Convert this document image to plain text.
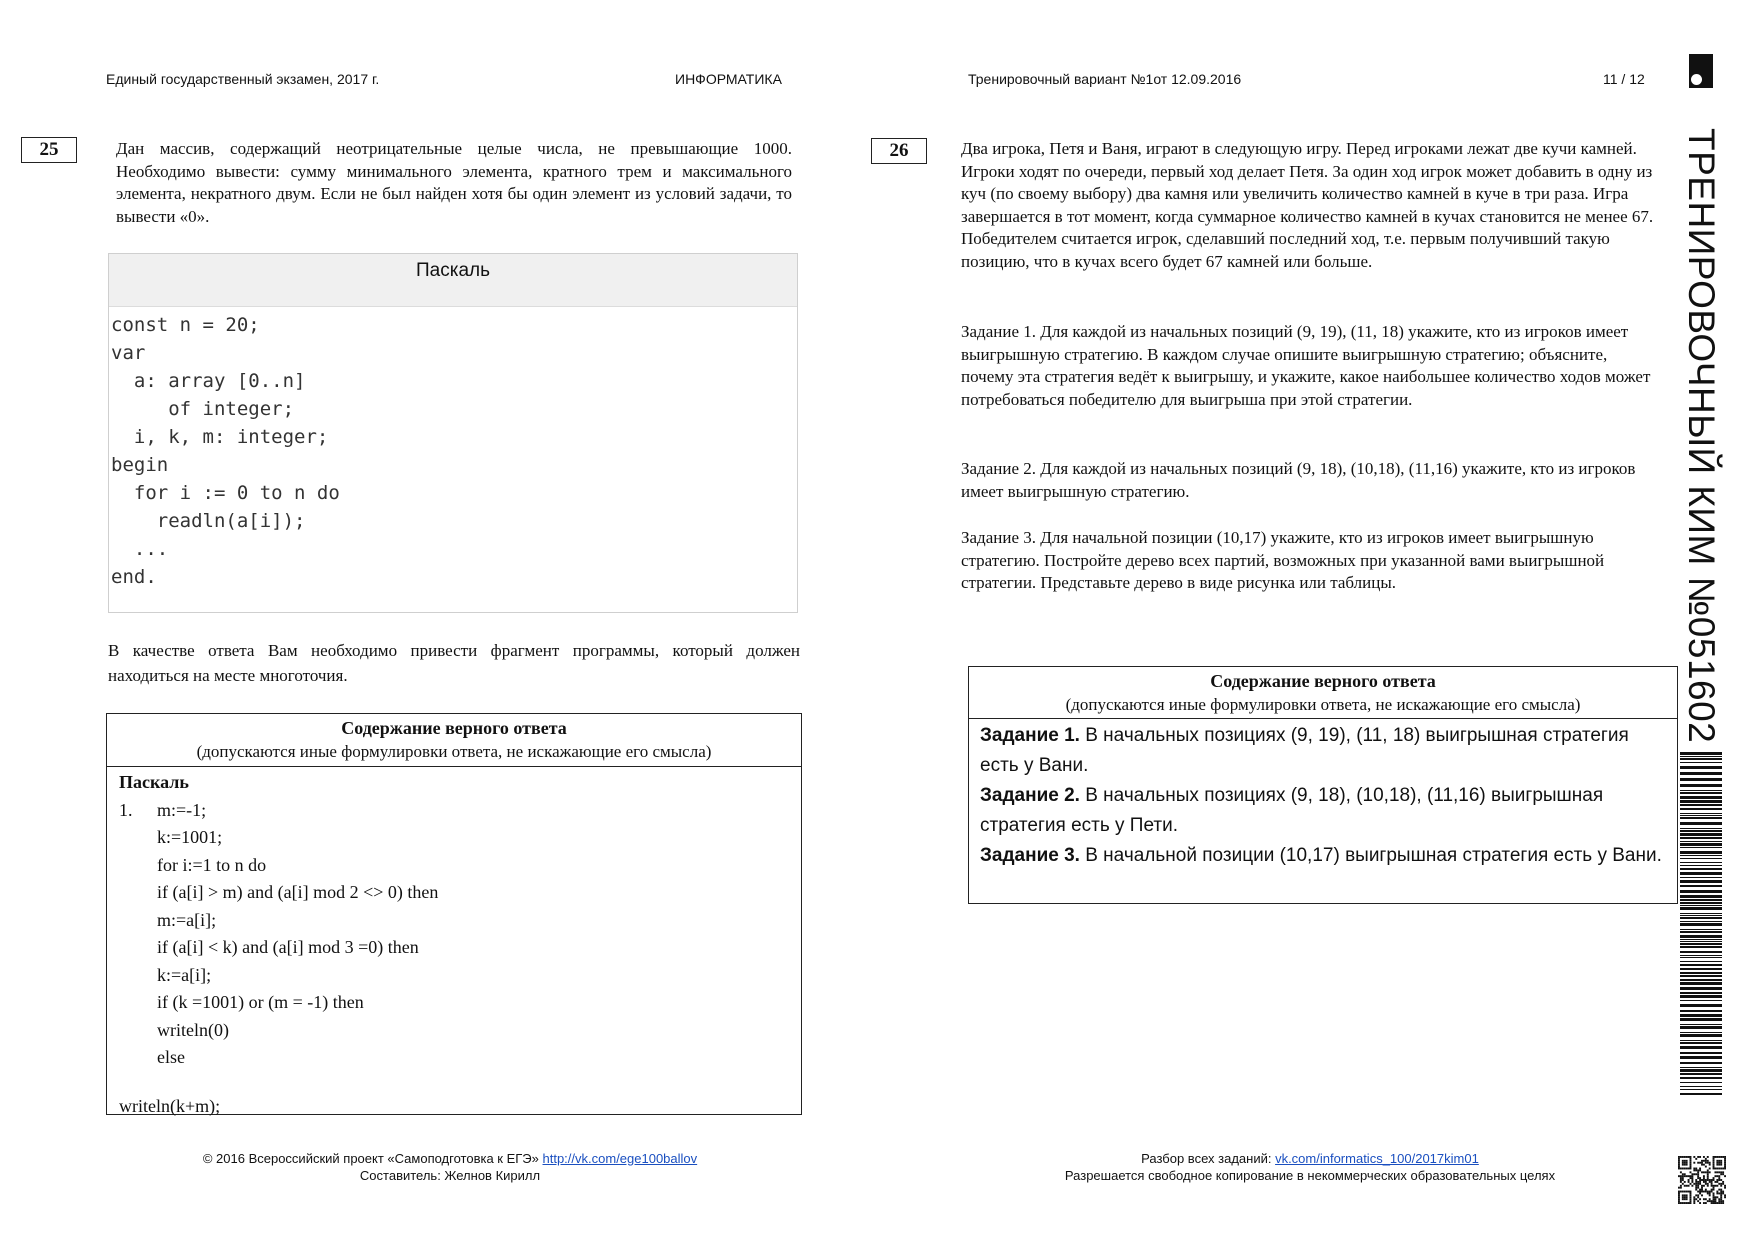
Единый государственный экзамен, 2017 г.	ИНФОРМАТИКА	Тренировочный вариант №1от 12.09.2016	11 / 12
25	Дан массив, содержащий неотрицательные целые числа, не превышающие 1000. Необходимо вывести: сумму минимального элемента, кратного трем и максимального элемента, некратного двум. Если не был найден хотя бы один элемент из условий задачи, то вывести «0».

Паскаль
const n = 20;
var
a: array [0..n]
of integer;
i, k, m: integer;
begin
for i := 0 to n do
readln(a[i]);
...
end.

В качестве ответа Вам необходимо привести фрагмент программы, который должен находиться на месте многоточия.

Содержание верного ответа
(допускаются иные формулировки ответа, не искажающие его смысла)
Паскаль
1. m:=-1;
k:=1001;
for i:=1 to n do
if (a[i] > m) and (a[i] mod 2 <> 0) then
m:=a[i];
if (a[i] < k) and (a[i] mod 3 =0) then
k:=a[i];
if (k =1001) or (m = -1) then
writeln(0)
else
writeln(k+m);
26	Два игрока, Петя и Ваня, играют в следующую игру. Перед игроками лежат две кучи камней. Игроки ходят по очереди, первый ход делает Петя. За один ход игрок может добавить в одну из куч (по своему выбору) два камня или увеличить количество камней в куче в три раза. Игра завершается в тот момент, когда суммарное количество камней в кучах становится не менее 67. Победителем считается игрок, сделавший последний ход, т.е. первым получивший такую позицию, что в кучах всего будет 67 камней или больше.

Задание 1. Для каждой из начальных позиций (9, 19), (11, 18) укажите, кто из игроков имеет выигрышную стратегию. В каждом случае опишите выигрышную стратегию; объясните, почему эта стратегия ведёт к выигрышу, и укажите, какое наибольшее количество ходов может потребоваться победителю для выигрыша при этой стратегии.

Задание 2. Для каждой из начальных позиций (9, 18), (10,18), (11,16) укажите, кто из игроков имеет выигрышную стратегию.

Задание 3. Для начальной позиции (10,17) укажите, кто из игроков имеет выигрышную стратегию. Постройте дерево всех партий, возможных при указанной вами выигрышной стратегии. Представьте дерево в виде рисунка или таблицы.

Содержание верного ответа
(допускаются иные формулировки ответа, не искажающие его смысла)

Задание 1. В начальных позициях (9, 19), (11, 18) выигрышная стратегия есть у Вани.

Задание 2. В начальных позициях (9, 18), (10,18), (11,16) выигрышная стратегия есть у Пети.

Задание 3. В начальной позиции (10,17) выигрышная стратегия есть у Вани.

ТРЕНИРОВОЧНЫЙ КИМ №051602
© 2016 Всероссийский проект «Самоподготовка к ЕГЭ» http://vk.com/ege100ballov
Составитель: Желнов Кирилл
Разбор всех заданий: vk.com/informatics_100/2017kim01
Разрешается свободное копирование в некоммерческих образовательных целях
